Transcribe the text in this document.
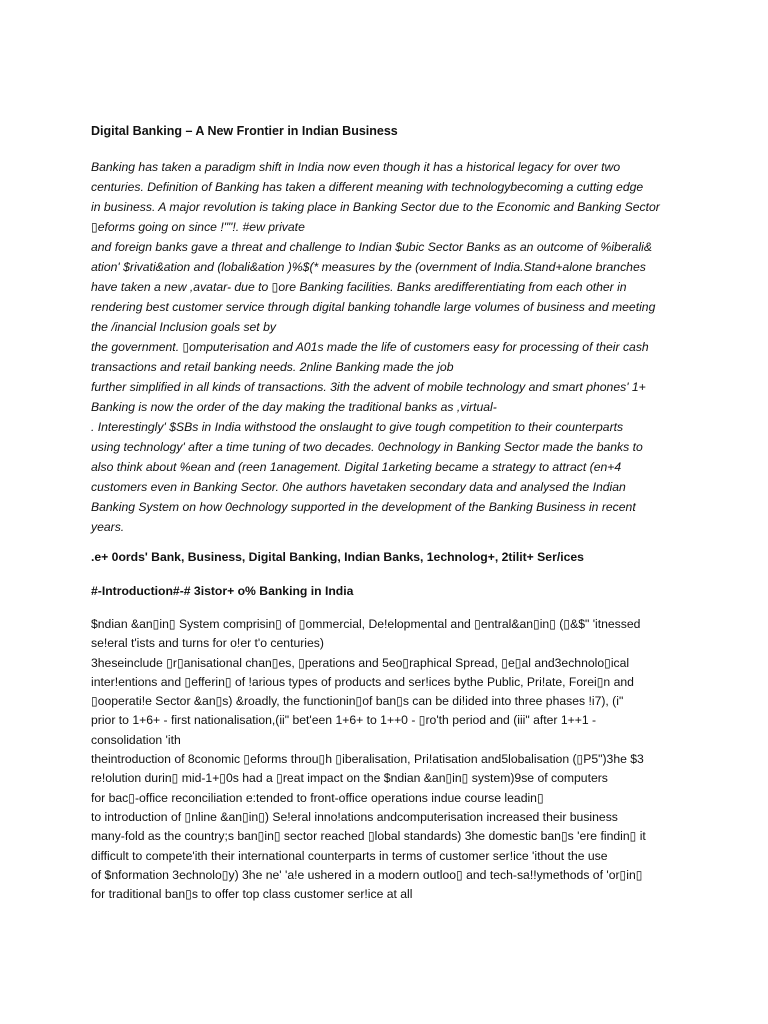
Digital Banking – A New Frontier in Indian Business
Banking has taken a paradigm shift in India now even though it has a historical legacy for over two
centuries. Definition of Banking has taken a different meaning with technologybecoming a cutting edge
in business. A major revolution is taking place in Banking Sector due to the Economic and Banking Sector
▯eforms going on since !""!. #ew private
and foreign banks gave a threat and challenge to Indian $ubic Sector Banks as an outcome of %iberali&
ation' $rivati&ation and (lobali&ation )%$(* measures by the (overnment of India.Stand+alone branches
have taken a new ,avatar- due to ▯ore Banking facilities. Banks aredifferentiating from each other in
rendering best customer service through digital banking tohandle large volumes of business and meeting
the /inancial Inclusion goals set by
the government. ▯omputerisation and A01s made the life of customers easy for processing of their cash
transactions and retail banking needs. 2nline Banking made the job
further simplified in all kinds of transactions. 3ith the advent of mobile technology and smart phones' 1+
Banking is now the order of the day making the traditional banks as ,virtual-
. Interestingly' $SBs in India withstood the onslaught to give tough competition to their counterparts
using technology' after a time tuning of two decades. 0echnology in Banking Sector made the banks to
also think about %ean and (reen 1anagement. Digital 1arketing became a strategy to attract (en+4
customers even in Banking Sector. 0he authors havetaken secondary data and analysed the Indian
Banking System on how 0echnology supported in the development of the Banking Business in recent
years.
.e+ 0ords' Bank, Business, Digital Banking, Indian Banks, 1echnolog+, 2tilit+ Ser/ices
#-Introduction#-# 3istor+ o% Banking in India
$ndian &an▯in▯ System comprisin▯ of ▯ommercial, De!elopmental and ▯entral&an▯in▯ (▯&$" 'itnessed
se!eral t'ists and turns for o!er t'o centuries)
3heseinclude ▯r▯anisational chan▯es, ▯perations and 5eo▯raphical Spread, ▯e▯al and3echnolo▯ical
inter!entions and ▯efferin▯ of !arious types of products and ser!ices bythe Public, Pri!ate, Forei▯n and
▯ooperati!e Sector &an▯s) &roadly, the functionin▯of ban▯s can be di!ided into three phases !i7), (i"
prior to 1+6+ - first nationalisation,(ii" bet'een 1+6+ to 1++0 - ▯ro'th period and (iii" after 1++1 -
consolidation 'ith
theintroduction of 8conomic ▯eforms throu▯h ▯iberalisation, Pri!atisation and5lobalisation (▯P5")3he $3
re!olution durin▯ mid-1+▯0s had a ▯reat impact on the $ndian &an▯in▯ system)9se of computers
for bac▯-office reconciliation e:tended to front-office operations indue course leadin▯
to introduction of ▯nline &an▯in▯) Se!eral inno!ations andcomputerisation increased their business
many-fold as the country;s ban▯in▯ sector reached ▯lobal standards) 3he domestic ban▯s 'ere findin▯ it
difficult to compete'ith their international counterparts in terms of customer ser!ice 'ithout the use
of $nformation 3echnolo▯y) 3he ne' 'a!e ushered in a modern outloo▯ and tech-sa!!ymethods of 'or▯in▯
for traditional ban▯s to offer top class customer ser!ice at all
